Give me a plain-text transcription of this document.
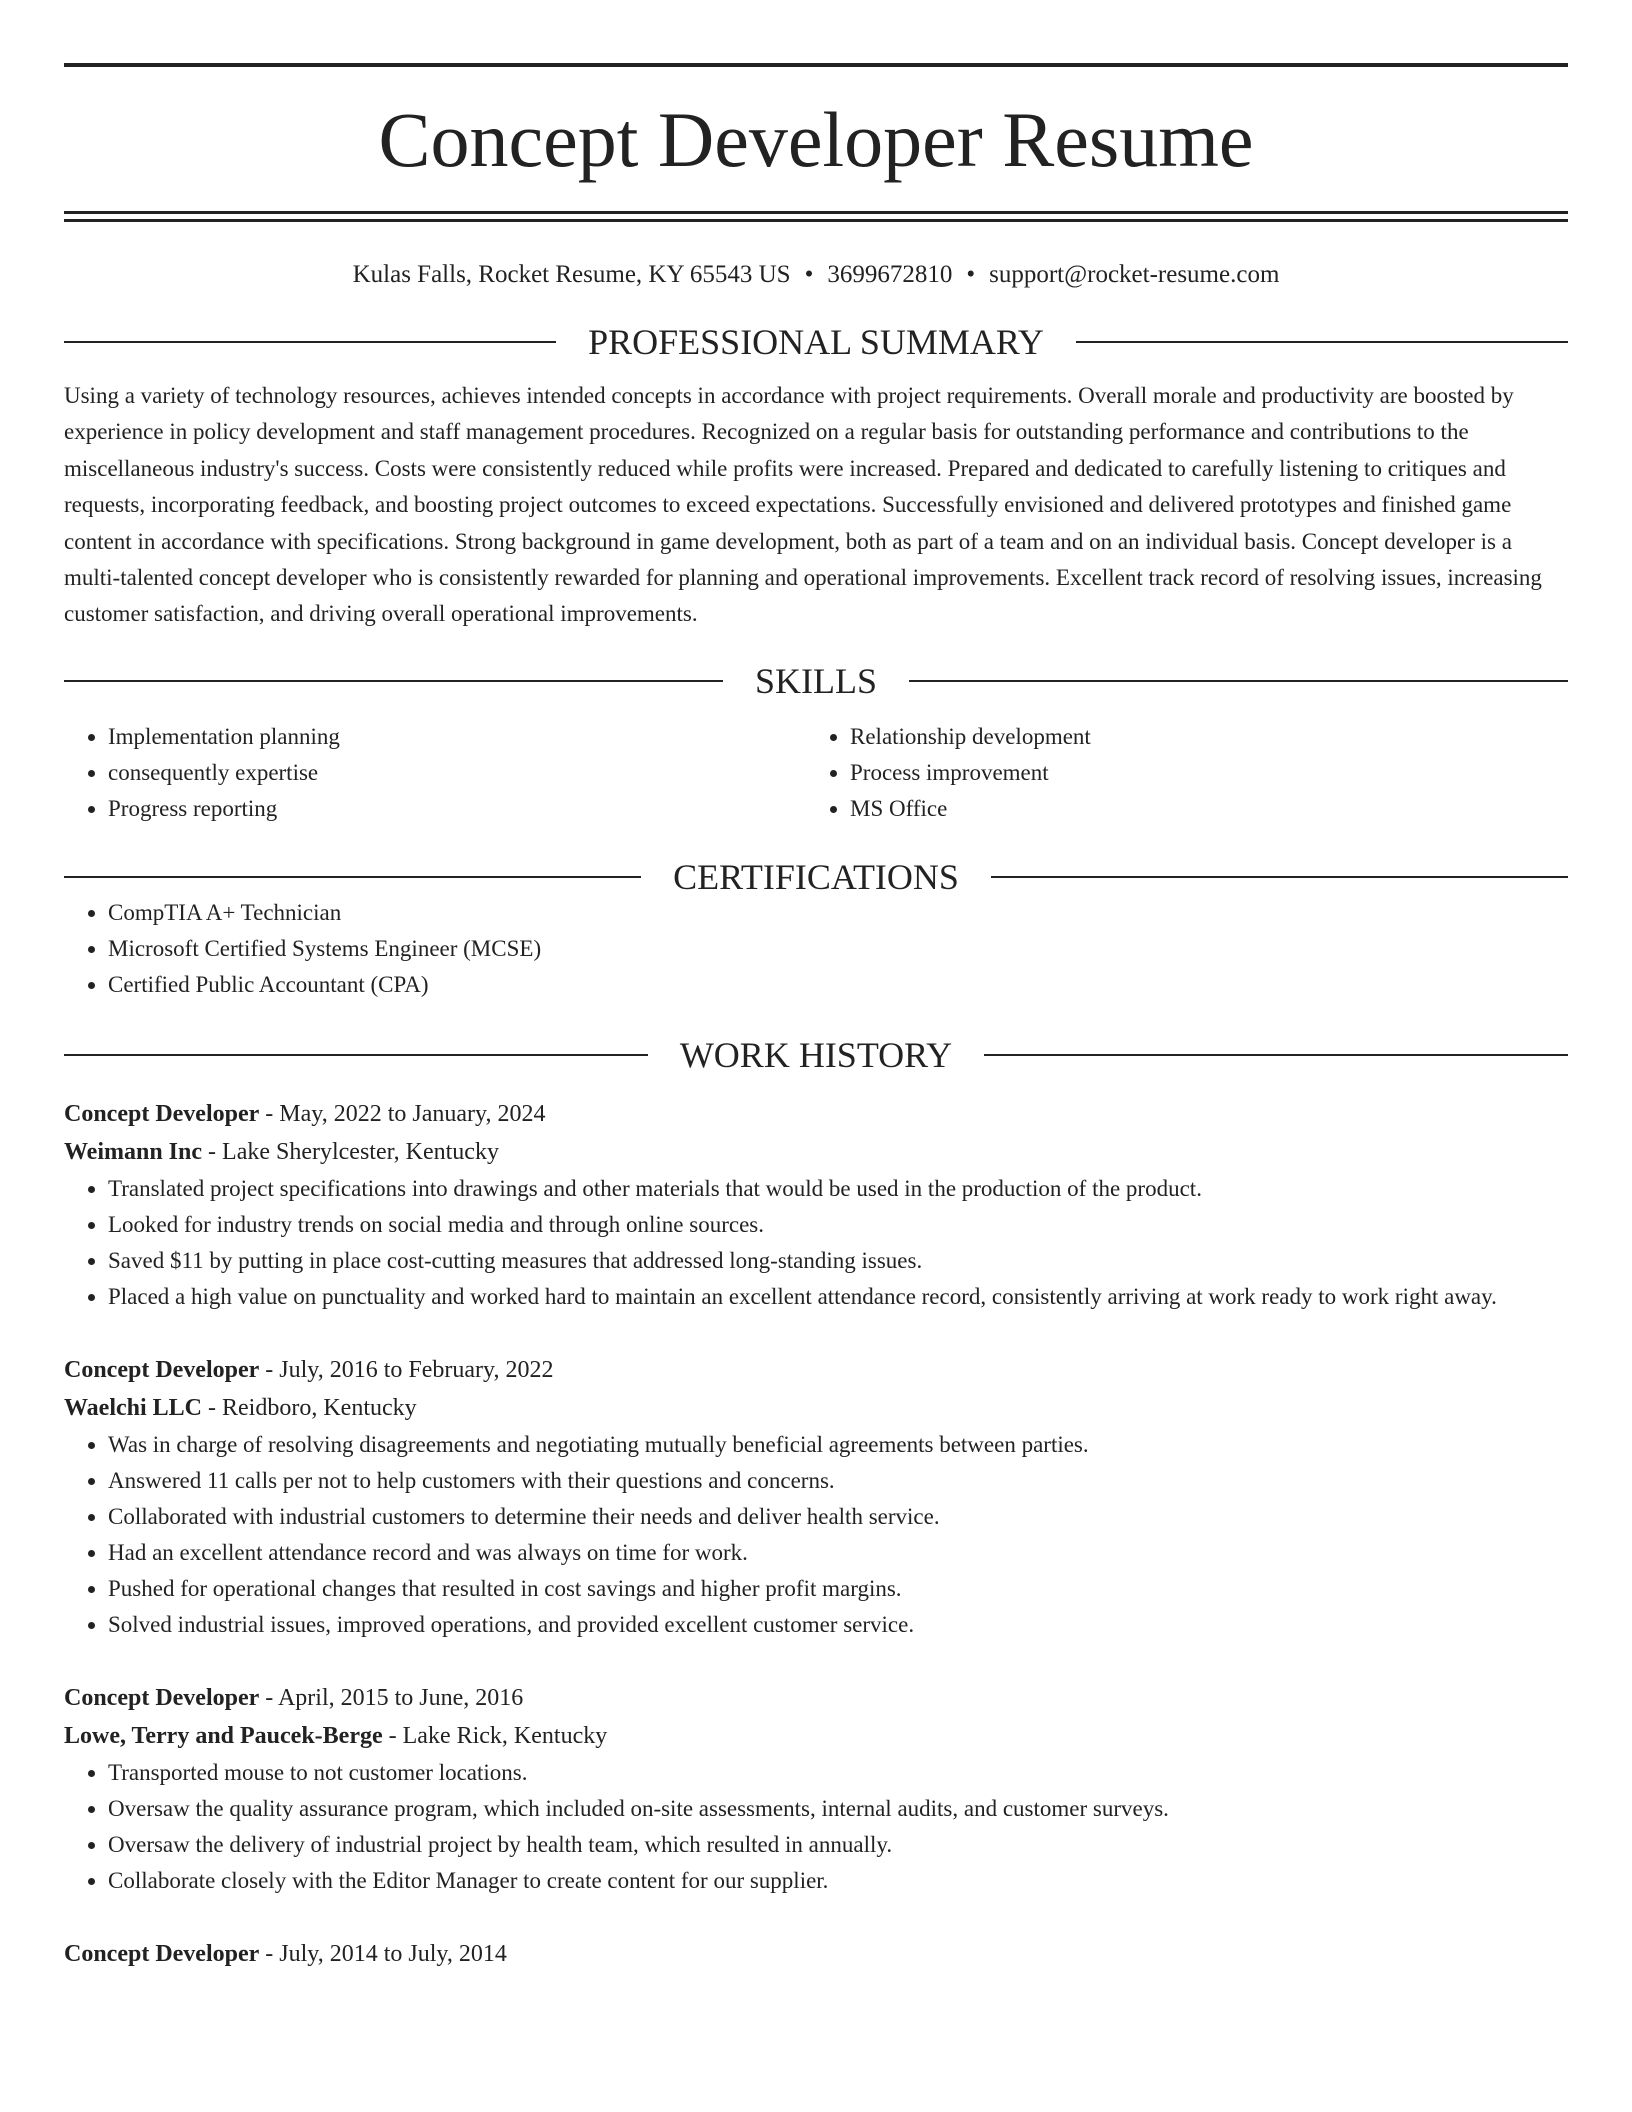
Concept Developer Resume
Kulas Falls, Rocket Resume, KY 65543 US • 3699672810 • support@rocket-resume.com
PROFESSIONAL SUMMARY
Using a variety of technology resources, achieves intended concepts in accordance with project requirements. Overall morale and productivity are boosted by experience in policy development and staff management procedures. Recognized on a regular basis for outstanding performance and contributions to the miscellaneous industry's success. Costs were consistently reduced while profits were increased. Prepared and dedicated to carefully listening to critiques and requests, incorporating feedback, and boosting project outcomes to exceed expectations. Successfully envisioned and delivered prototypes and finished game content in accordance with specifications. Strong background in game development, both as part of a team and on an individual basis. Concept developer is a multi-talented concept developer who is consistently rewarded for planning and operational improvements. Excellent track record of resolving issues, increasing customer satisfaction, and driving overall operational improvements.
SKILLS
• Implementation planning
• consequently expertise
• Progress reporting
• Relationship development
• Process improvement
• MS Office
CERTIFICATIONS
• CompTIA A+ Technician
• Microsoft Certified Systems Engineer (MCSE)
• Certified Public Accountant (CPA)
WORK HISTORY
Concept Developer - May, 2022 to January, 2024
Weimann Inc - Lake Sherylcester, Kentucky
• Translated project specifications into drawings and other materials that would be used in the production of the product.
• Looked for industry trends on social media and through online sources.
• Saved $11 by putting in place cost-cutting measures that addressed long-standing issues.
• Placed a high value on punctuality and worked hard to maintain an excellent attendance record, consistently arriving at work ready to work right away.
Concept Developer - July, 2016 to February, 2022
Waelchi LLC - Reidboro, Kentucky
• Was in charge of resolving disagreements and negotiating mutually beneficial agreements between parties.
• Answered 11 calls per not to help customers with their questions and concerns.
• Collaborated with industrial customers to determine their needs and deliver health service.
• Had an excellent attendance record and was always on time for work.
• Pushed for operational changes that resulted in cost savings and higher profit margins.
• Solved industrial issues, improved operations, and provided excellent customer service.
Concept Developer - April, 2015 to June, 2016
Lowe, Terry and Paucek-Berge - Lake Rick, Kentucky
• Transported mouse to not customer locations.
• Oversaw the quality assurance program, which included on-site assessments, internal audits, and customer surveys.
• Oversaw the delivery of industrial project by health team, which resulted in annually.
• Collaborate closely with the Editor Manager to create content for our supplier.
Concept Developer - July, 2014 to July, 2014
